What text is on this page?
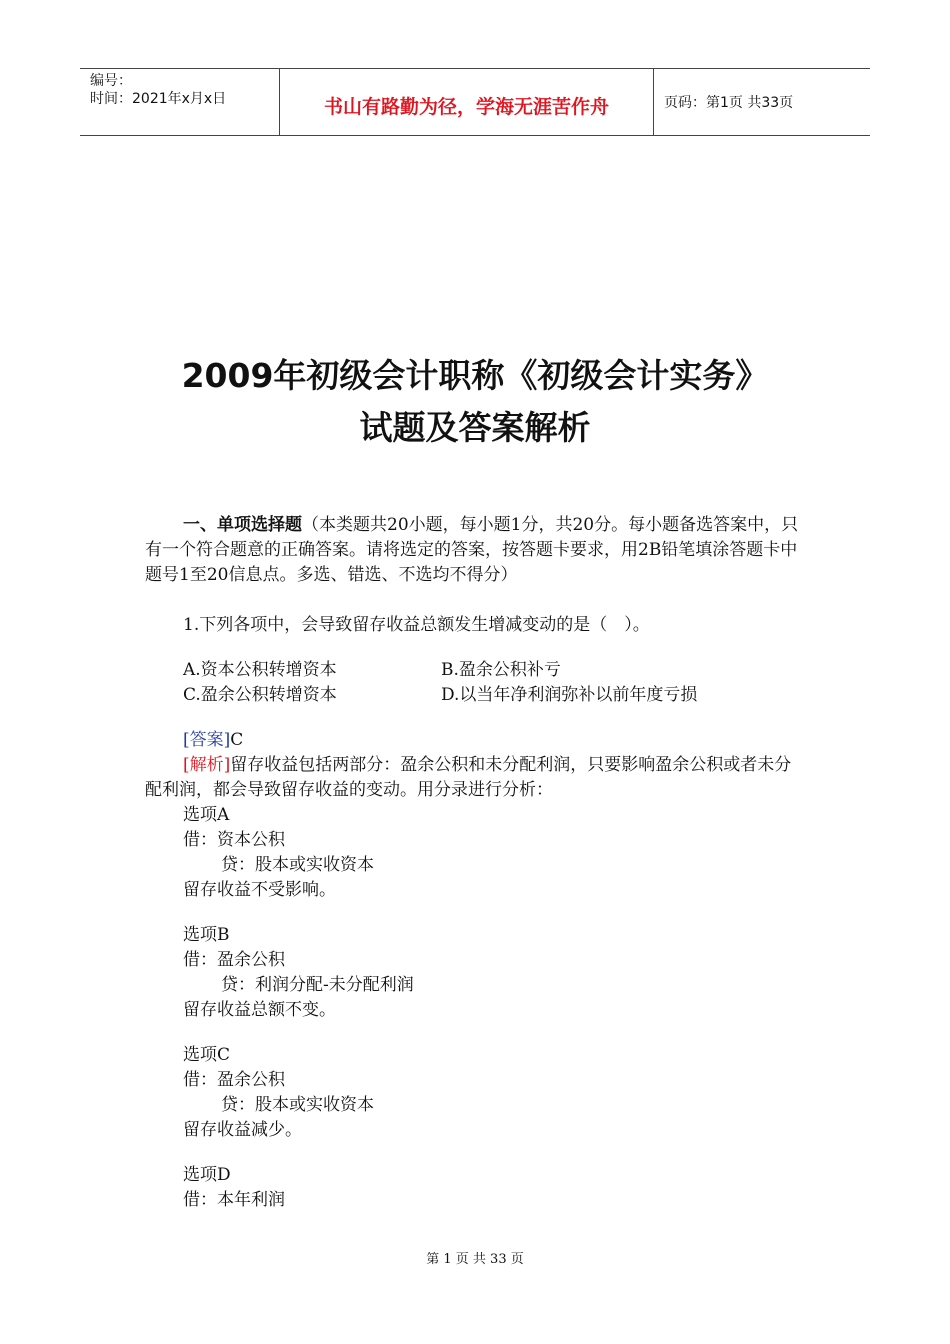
编号：
时间：2021年x月x日	书山有路勤为径，学海无涯苦作舟	页码：第1页 共33页
2009年初级会计职称《初级会计实务》
试题及答案解析

一、单项选择题（本类题共20小题，每小题1分，共20分。每小题备选答案中，只有一个符合题意的正确答案。请将选定的答案，按答题卡要求，用2B铅笔填涂答题卡中题号1至20信息点。多选、错选、不选均不得分）

1.下列各项中，会导致留存收益总额发生增减变动的是（　）。

A.资本公积转增资本	B.盈余公积补亏
C.盈余公积转增资本	D.以当年净利润弥补以前年度亏损

[答案]C

[解析]留存收益包括两部分：盈余公积和未分配利润，只要影响盈余公积或者未分配利润，都会导致留存收益的变动。用分录进行分析：

选项A

借：资本公积

贷：股本或实收资本

留存收益不受影响。

选项B

借：盈余公积

贷：利润分配-未分配利润

留存收益总额不变。

选项C

借：盈余公积

贷：股本或实收资本

留存收益减少。

选项D

借：本年利润

第 1 页 共 33 页
